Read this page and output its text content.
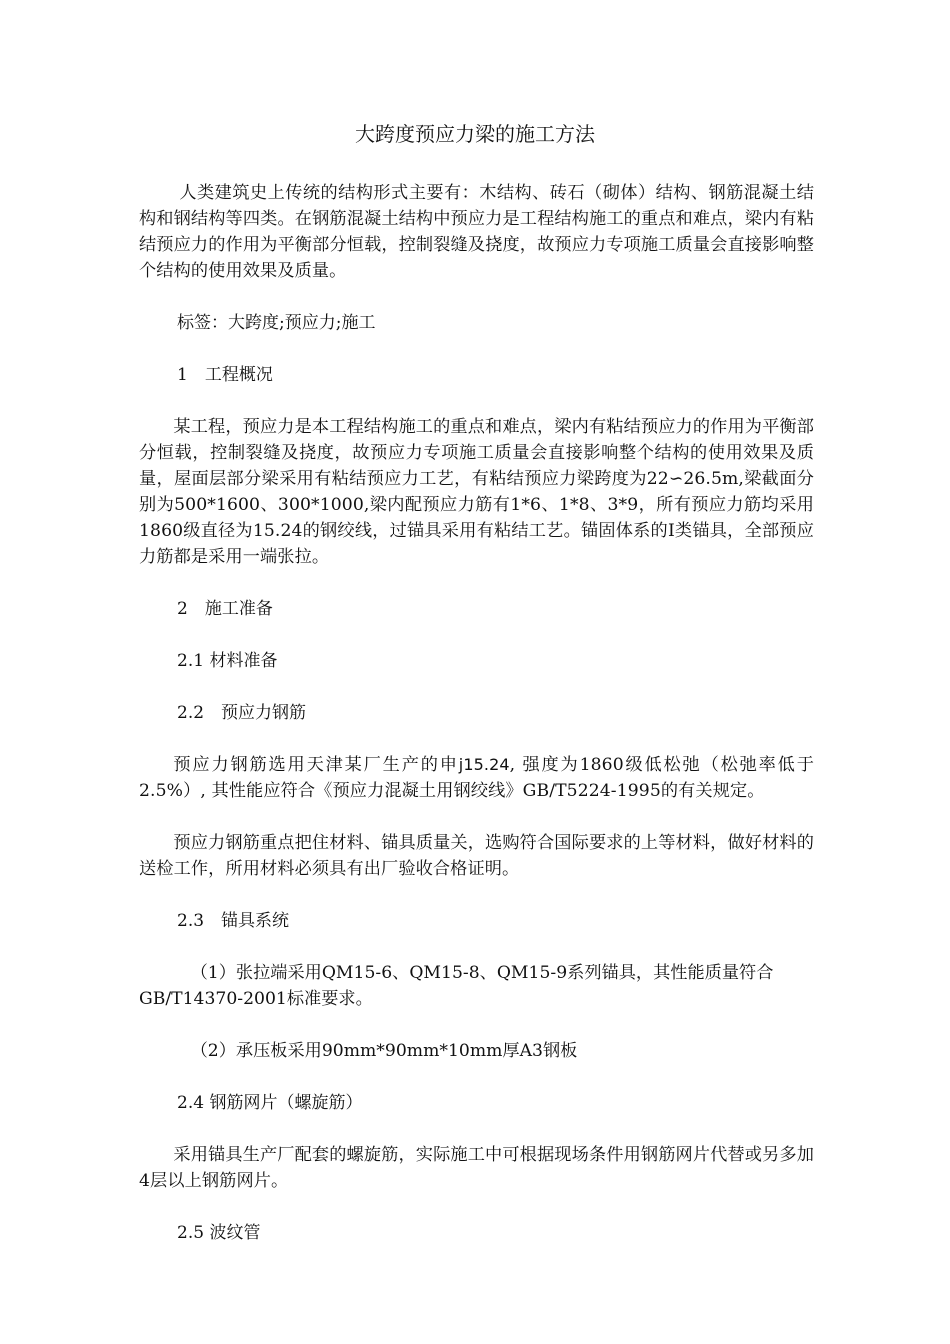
大跨度预应力梁的施工方法

人类建筑史上传统的结构形式主要有：木结构、砖石（砌体）结构、钢筋混凝土结构和钢结构等四类。在钢筋混凝土结构中预应力是工程结构施工的重点和难点，梁内有粘结预应力的作用为平衡部分恒载，控制裂缝及挠度，故预应力专项施工质量会直接影响整个结构的使用效果及质量。

标签：大跨度;预应力;施工

1　工程概况

某工程，预应力是本工程结构施工的重点和难点，梁内有粘结预应力的作用为平衡部分恒载，控制裂缝及挠度，故预应力专项施工质量会直接影响整个结构的使用效果及质量，屋面层部分梁采用有粘结预应力工艺，有粘结预应力梁跨度为22∽26.5m,梁截面分别为500*1600、300*1000,梁内配预应力筋有1*6、1*8、3*9，所有预应力筋均采用1860级直径为15.24的钢绞线，过锚具采用有粘结工艺。锚固体系的Ⅰ类锚具，全部预应力筋都是采用一端张拉。

2　施工准备

2.1 材料准备

2.2　预应力钢筋

预应力钢筋选用天津某厂生产的申j15.24, 强度为1860级低松弛（松弛率低于2.5%）, 其性能应符合《预应力混凝土用钢绞线》GB/T5224-1995的有关规定。

预应力钢筋重点把住材料、锚具质量关，选购符合国际要求的上等材料，做好材料的送检工作，所用材料必须具有出厂验收合格证明。

2.3　锚具系统

（1）张拉端采用QM15-6、QM15-8、QM15-9系列锚具，其性能质量符合GB/T14370-2001标准要求。

（2）承压板采用90mm*90mm*10mm厚A3钢板

2.4 钢筋网片（螺旋筋）

采用锚具生产厂配套的螺旋筋，实际施工中可根据现场条件用钢筋网片代替或另多加4层以上钢筋网片。

2.5 波纹管
